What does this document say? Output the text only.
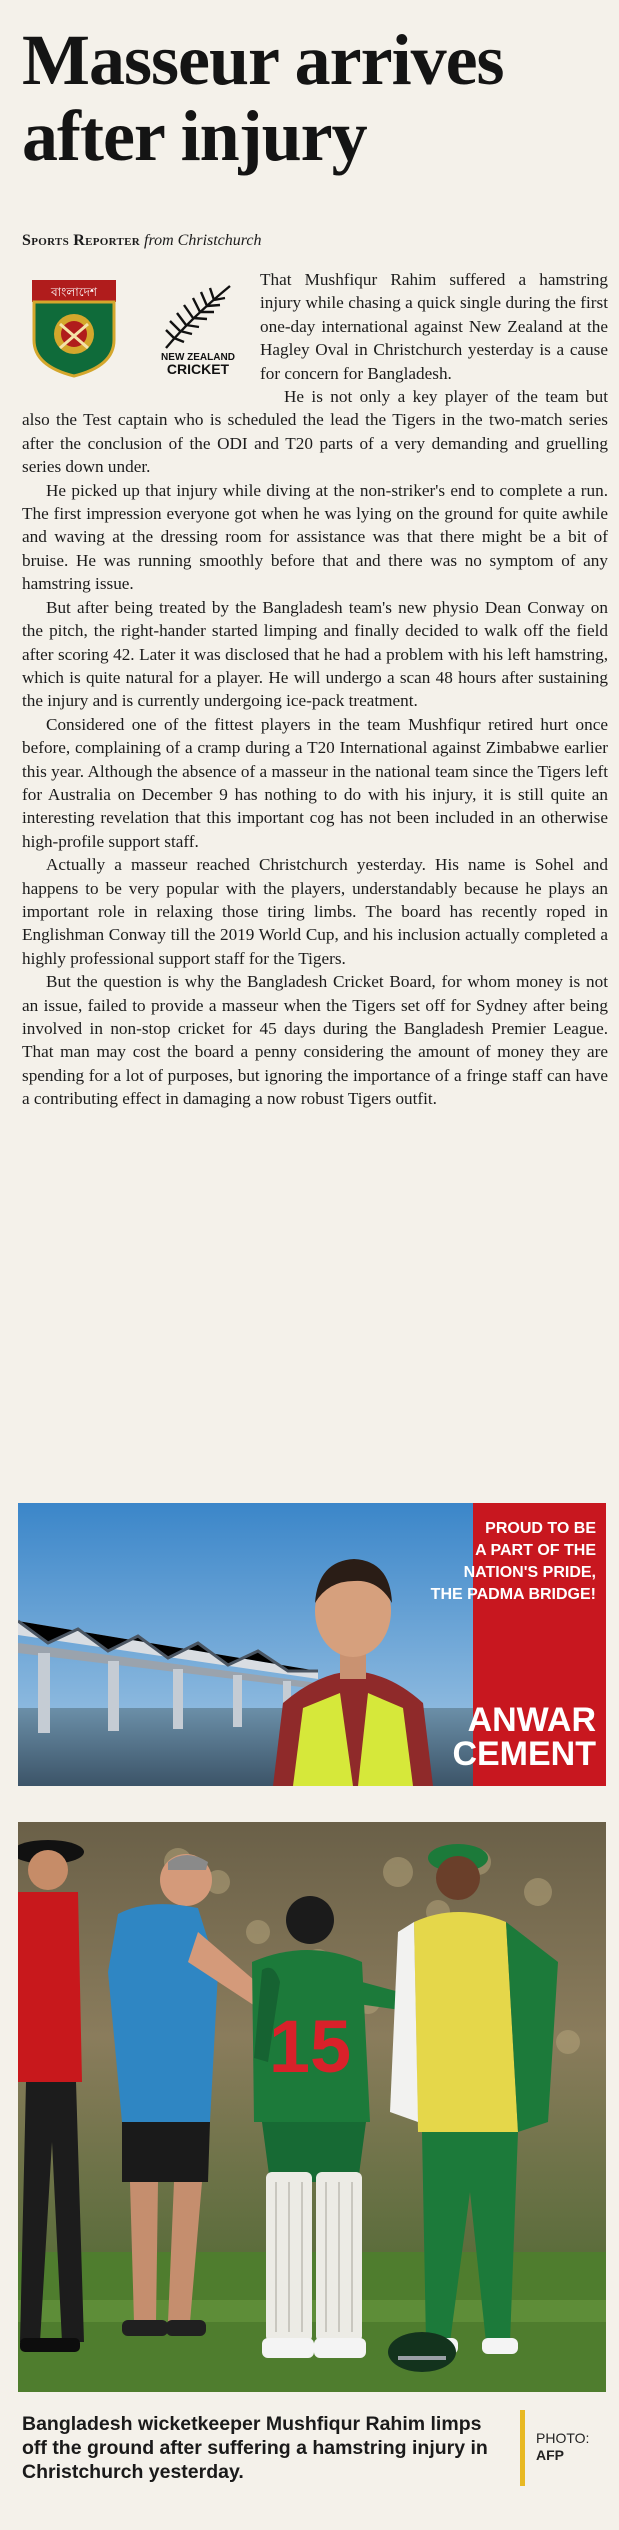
Masseur arrives
after injury
Sports Reporter from Christchurch

That Mushfiqur Rahim suffered a hamstring injury while chasing a quick single during the first one-day international against New Zealand at the Hagley Oval in Christchurch yesterday is a cause for concern for Bangladesh.

He is not only a key player of the team but also the Test captain who is scheduled the lead the Tigers in the two-match series after the conclusion of the ODI and T20 parts of a very demanding and gruelling series down under.

He picked up that injury while diving at the non-striker's end to complete a run. The first impression everyone got when he was lying on the ground for quite awhile and waving at the dressing room for assistance was that there might be a bit of bruise. He was running smoothly before that and there was no symptom of any hamstring issue.

But after being treated by the Bangladesh team's new physio Dean Conway on the pitch, the right-hander started limping and finally decided to walk off the field after scoring 42. Later it was disclosed that he had a problem with his left hamstring, which is quite natural for a player. He will undergo a scan 48 hours after sustaining the injury and is currently undergoing ice-pack treatment.

Considered one of the fittest players in the team Mushfiqur retired hurt once before, complaining of a cramp during a T20 International against Zimbabwe earlier this year. Although the absence of a masseur in the national team since the Tigers left for Australia on December 9 has nothing to do with his injury, it is still quite an interesting revelation that this important cog has not been included in an otherwise high-profile support staff.

Actually a masseur reached Christchurch yesterday. His name is Sohel and happens to be very popular with the players, understandably because he plays an important role in relaxing those tiring limbs. The board has recently roped in Englishman Conway till the 2019 World Cup, and his inclusion actually completed a highly professional support staff for the Tigers.

But the question is why the Bangladesh Cricket Board, for whom money is not an issue, failed to provide a masseur when the Tigers set off for Sydney after being involved in non-stop cricket for 45 days during the Bangladesh Premier League. That man may cost the board a penny considering the amount of money they are spending for a lot of purposes, but ignoring the importance of a fringe staff can have a contributing effect in damaging a now robust Tigers outfit.

বাংলাদেশ
NEW ZEALAND
CRICKET
PROUD TO BE
A PART OF THE
NATION'S PRIDE,
THE PADMA BRIDGE!
ANWAR
CEMENT
15
Bangladesh wicketkeeper Mushfiqur Rahim limps off the ground after suffering a hamstring injury in Christchurch yesterday.
PHOTO:
AFP
